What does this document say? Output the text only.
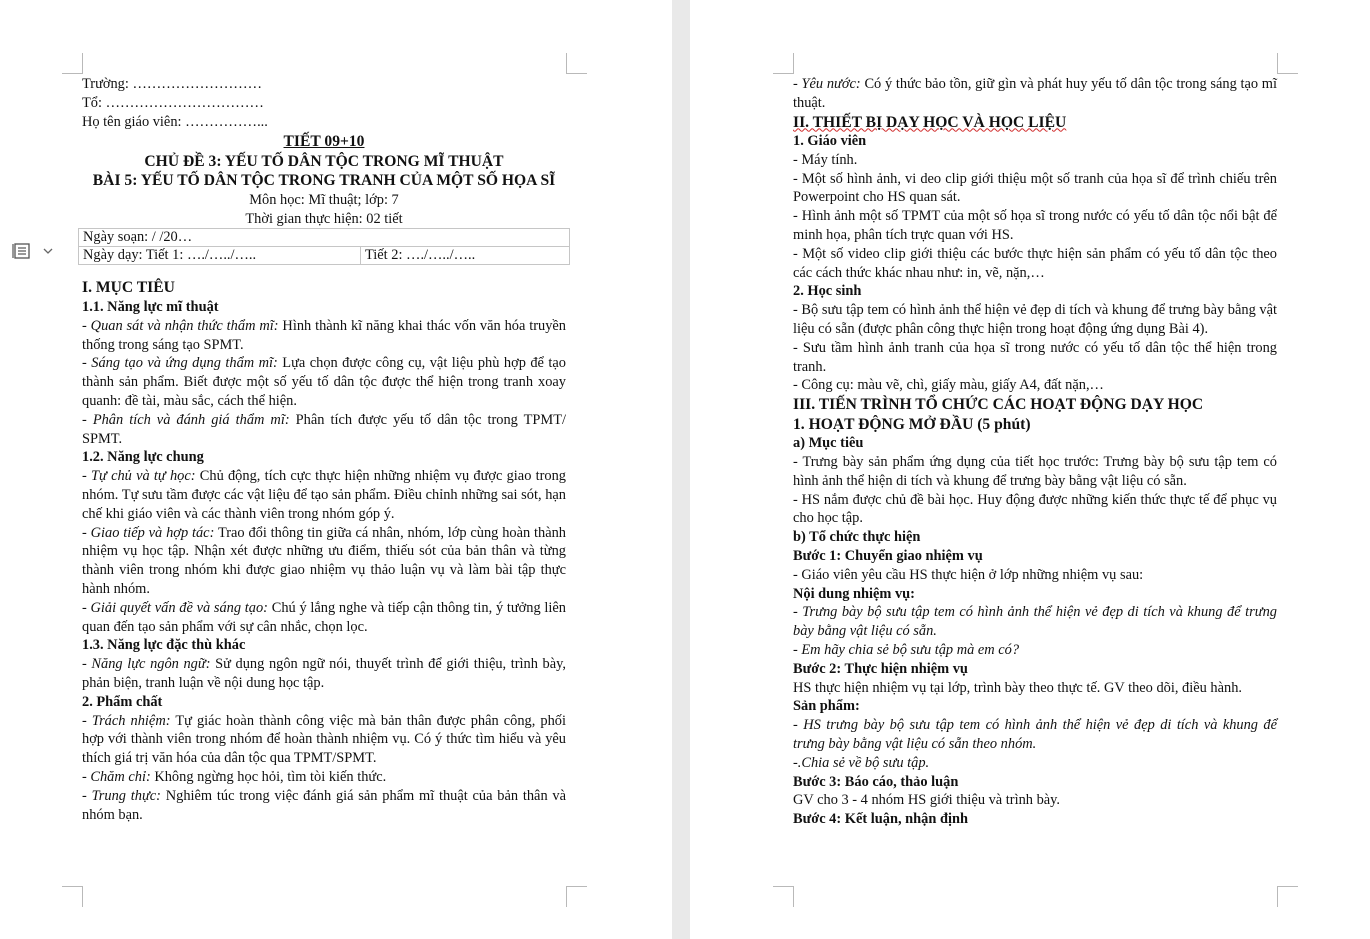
Trường: ………………………

Tổ: ……………………………

Họ tên giáo viên: ……………...

TIẾT 09+10

CHỦ ĐỀ 3: YẾU TỐ DÂN TỘC TRONG MĨ THUẬT

BÀI 5: YẾU TỐ DÂN TỘC TRONG TRANH CỦA MỘT SỐ HỌA SĨ

Môn học: Mĩ thuật; lớp: 7

Thời gian thực hiện: 02 tiết

Ngày soạn: / /20…
Ngày dạy: Tiết 1: …./…../…..	Tiết 2: …./…../…..

I. MỤC TIÊU

1.1. Năng lực mĩ thuật

- Quan sát và nhận thức thẩm mĩ: Hình thành kĩ năng khai thác vốn văn hóa truyền thống trong sáng tạo SPMT.

- Sáng tạo và ứng dụng thẩm mĩ: Lựa chọn được công cụ, vật liệu phù hợp để tạo thành sản phẩm. Biết được một số yếu tố dân tộc được thể hiện trong tranh xoay quanh: đề tài, màu sắc, cách thể hiện.

- Phân tích và đánh giá thẩm mĩ: Phân tích được yếu tố dân tộc trong TPMT/ SPMT.

1.2. Năng lực chung

- Tự chủ và tự học: Chủ động, tích cực thực hiện những nhiệm vụ được giao trong nhóm. Tự sưu tầm được các vật liệu để tạo sản phẩm. Điều chỉnh những sai sót, hạn chế khi giáo viên và các thành viên trong nhóm góp ý.

- Giao tiếp và hợp tác: Trao đổi thông tin giữa cá nhân, nhóm, lớp cùng hoàn thành nhiệm vụ học tập. Nhận xét được những ưu điểm, thiếu sót của bản thân và từng thành viên trong nhóm khi được giao nhiệm vụ thảo luận vụ và làm bài tập thực hành nhóm.

- Giải quyết vấn đề và sáng tạo: Chú ý lắng nghe và tiếp cận thông tin, ý tưởng liên quan đến tạo sản phẩm với sự cân nhắc, chọn lọc.

1.3. Năng lực đặc thù khác

- Năng lực ngôn ngữ: Sử dụng ngôn ngữ nói, thuyết trình để giới thiệu, trình bày, phản biện, tranh luận về nội dung học tập.

2. Phẩm chất

- Trách nhiệm: Tự giác hoàn thành công việc mà bản thân được phân công, phối hợp với thành viên trong nhóm để hoàn thành nhiệm vụ. Có ý thức tìm hiểu và yêu thích giá trị văn hóa của dân tộc qua TPMT/SPMT.

- Chăm chỉ: Không ngừng học hỏi, tìm tòi kiến thức.

- Trung thực: Nghiêm túc trong việc đánh giá sản phẩm mĩ thuật của bản thân và nhóm bạn.

- Yêu nước: Có ý thức bảo tồn, giữ gìn và phát huy yếu tố dân tộc trong sáng tạo mĩ thuật.

II. THIẾT BỊ DẠY HỌC VÀ HỌC LIỆU

1. Giáo viên

- Máy tính.

- Một số hình ảnh, vi deo clip giới thiệu một số tranh của họa sĩ để trình chiếu trên Powerpoint cho HS quan sát.

- Hình ảnh một số TPMT của một số họa sĩ trong nước có yếu tố dân tộc nổi bật để minh họa, phân tích trực quan với HS.

- Một số video clip giới thiệu các bước thực hiện sản phẩm có yếu tố dân tộc theo các cách thức khác nhau như: in, vẽ, nặn,…

2. Học sinh

- Bộ sưu tập tem có hình ảnh thể hiện vẻ đẹp di tích và khung để trưng bày bằng vật liệu có sẵn (được phân công thực hiện trong hoạt động ứng dụng Bài 4).

- Sưu tầm hình ảnh tranh của họa sĩ trong nước có yếu tố dân tộc thể hiện trong tranh.

- Công cụ: màu vẽ, chì, giấy màu, giấy A4, đất nặn,…

III. TIẾN TRÌNH TỔ CHỨC CÁC HOẠT ĐỘNG DẠY HỌC

1. HOẠT ĐỘNG MỞ ĐẦU (5 phút)

a) Mục tiêu

- Trưng bày sản phẩm ứng dụng của tiết học trước: Trưng bày bộ sưu tập tem có hình ảnh thể hiện di tích và khung để trưng bày bằng vật liệu có sẵn.

- HS nắm được chủ đề bài học. Huy động được những kiến thức thực tế để phục vụ cho học tập.

b) Tổ chức thực hiện

Bước 1: Chuyển giao nhiệm vụ

- Giáo viên yêu cầu HS thực hiện ở lớp những nhiệm vụ sau:

Nội dung nhiệm vụ:

- Trưng bày bộ sưu tập tem có hình ảnh thể hiện vẻ đẹp di tích và khung để trưng bày bằng vật liệu có sẵn.

- Em hãy chia sẻ bộ sưu tập mà em có?

Bước 2: Thực hiện nhiệm vụ

HS thực hiện nhiệm vụ tại lớp, trình bày theo thực tế. GV theo dõi, điều hành.

Sản phẩm:

- HS trưng bày bộ sưu tập tem có hình ảnh thể hiện vẻ đẹp di tích và khung để trưng bày bằng vật liệu có sẵn theo nhóm.

-.Chia sẻ về bộ sưu tập.

Bước 3: Báo cáo, thảo luận

GV cho 3 - 4 nhóm HS giới thiệu và trình bày.

Bước 4: Kết luận, nhận định
